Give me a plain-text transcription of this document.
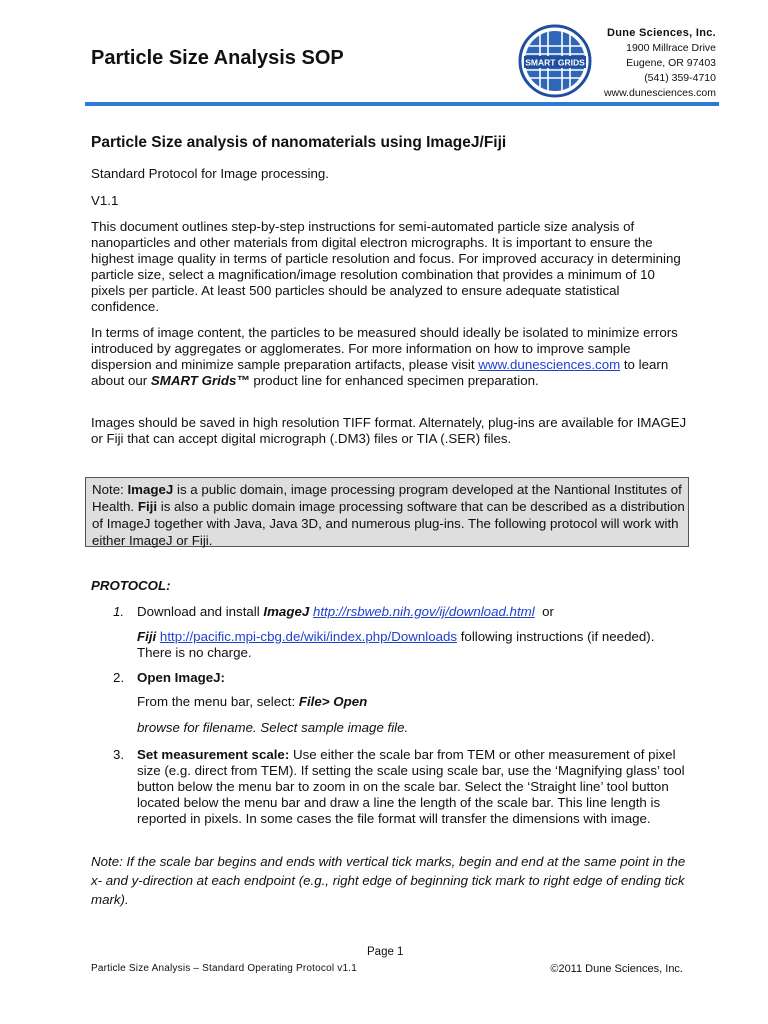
Particle Size Analysis SOP	SMART GRIDS
Dune Sciences, Inc.
1900 Millrace Drive
Eugene, OR 97403
(541) 359-4710
www.dunesciences.com
Particle Size analysis of nanomaterials using ImageJ/Fiji
Standard Protocol for Image processing.
V1.1
This document outlines step-by-step instructions for semi-automated particle size analysis of nanoparticles and other materials from digital electron micrographs. It is important to ensure the highest image quality in terms of particle resolution and focus. For improved accuracy in determining particle size, select a magnification/image resolution combination that provides a minimum of 10 pixels per particle. At least 500 particles should be analyzed to ensure adequate statistical confidence.
In terms of image content, the particles to be measured should ideally be isolated to minimize errors introduced by aggregates or agglomerates. For more information on how to improve sample dispersion and minimize sample preparation artifacts, please visit www.dunesciences.com to learn about our SMART Grids™ product line for enhanced specimen preparation.
Images should be saved in high resolution TIFF format. Alternately, plug-ins are available for IMAGEJ or Fiji that can accept digital micrograph (.DM3) files or TIA (.SER) files.
Note: ImageJ is a public domain, image processing program developed at the Nantional Institutes of Health. Fiji is also a public domain image processing software that can be described as a distribution of ImageJ together with Java, Java 3D, and numerous plug-ins. The following protocol will work with either ImageJ or Fiji.
PROTOCOL:
1. Download and install ImageJ http://rsbweb.nih.gov/ij/download.html or
Fiji http://pacific.mpi-cbg.de/wiki/index.php/Downloads following instructions (if needed). There is no charge.
2. Open ImageJ:
From the menu bar, select: File> Open
browse for filename. Select sample image file.
3. Set measurement scale: Use either the scale bar from TEM or other measurement of pixel size (e.g. direct from TEM). If setting the scale using scale bar, use the ‘Magnifying glass’ tool button below the menu bar to zoom in on the scale bar. Select the ‘Straight line’ tool button located below the menu bar and draw a line the length of the scale bar. This line length is reported in pixels. In some cases the file format will transfer the dimensions with image.
Note: If the scale bar begins and ends with vertical tick marks, begin and end at the same point in the x- and y-direction at each endpoint (e.g., right edge of beginning tick mark to right edge of ending tick mark).
Page 1
Particle Size Analysis – Standard Operating Protocol v1.1	©2011 Dune Sciences, Inc.
